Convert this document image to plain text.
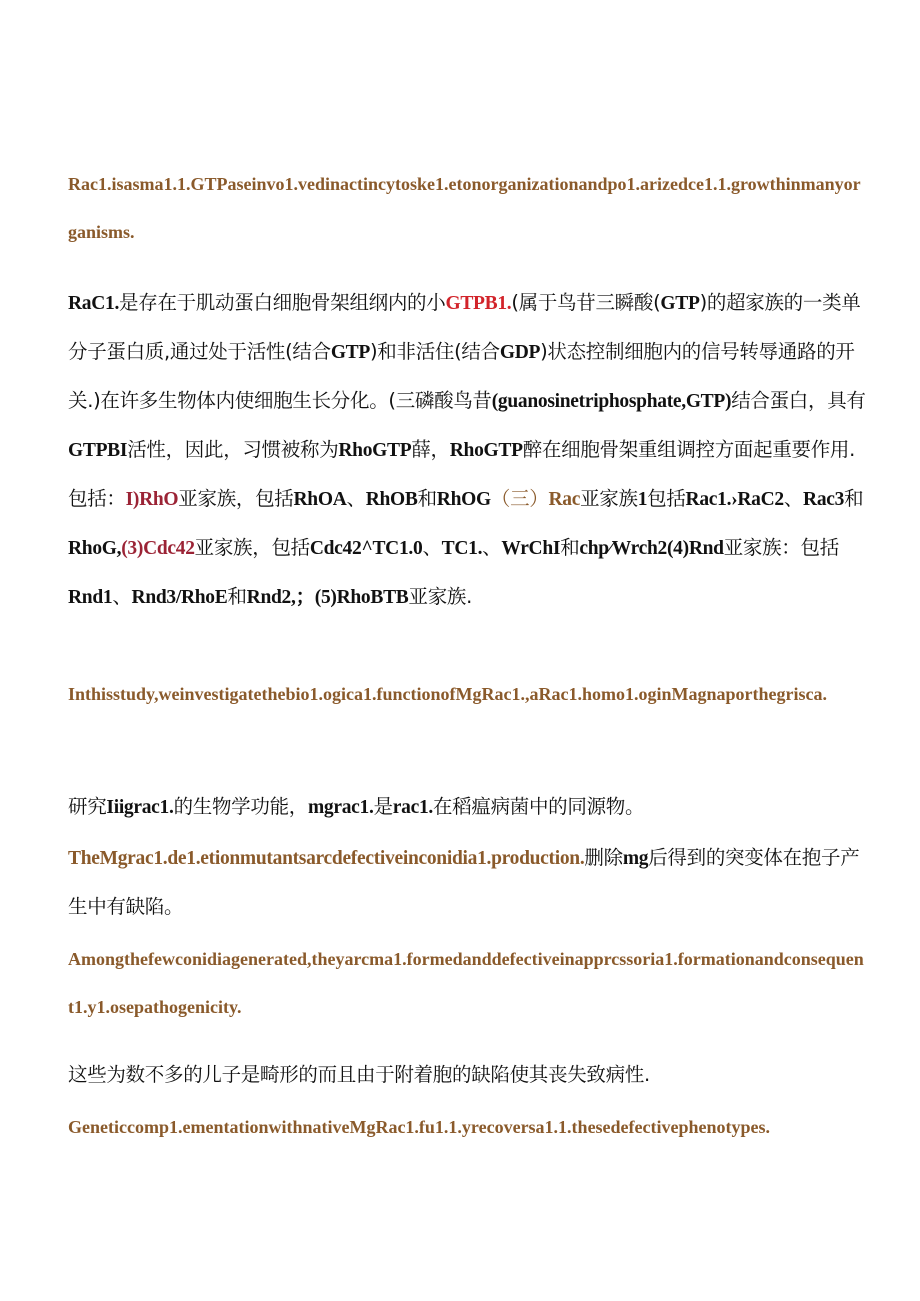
Rac1.isasma1.1.GTPaseinvo1.vedinactincytoske1.etonorganizationandpo1.arizedce1.1.growthinmanyorganisms.
RaC1.是存在于肌动蛋白细胞骨架组纲内的小GTPB1.(属于鸟苷三瞬酸(GTP)的超家族的一类单分子蛋白质,通过处于活性(结合GTP)和非活住(结合GDP)状态控制细胞内的信号转辱通路的开关.)在许多生物体内使细胞生长分化。(三磷酸鸟昔(guanosinetriphosphate,GTP)结合蛋白，具有GTPBI活性，因此，习惯被称为RhoGTP薛，RhoGTP醉在细胞骨架重组调控方面起重要作用.包括：I)RhO亚家族，包括RhOA、RhOB和RhOG（三）Rac亚家族1包括Rac1.›RaC2、Rac3和RhoG,(3)Cdc42亚家族，包括Cdc42^TC1.0、TC1.、WrChI和chp∕Wrch2(4)Rnd亚家族：包括Rnd1、Rnd3/RhoE和Rnd2,；(5)RhoBTB亚家族.
Inthisstudy,weinvestigatethebio1.ogica1.functionofMgRac1.,aRac1.homo1.oginMagnaporthegrisca.
研究Iiigrac1.的生物学功能，mgrac1.是rac1.在稻瘟病菌中的同源物。
TheMgrac1.de1.etionmutantsarcdefectiveinconidia1.production.删除mg后得到的突变体在抱子产生中有缺陷。
Amongthefewconidiagenerated,theyarcma1.formedanddefectiveinapprcssoria1.formationandconsequent1.y1.osepathogenicity.
这些为数不多的儿子是畸形的而且由于附着胞的缺陷使其丧失致病性.
Geneticcomp1.ementationwithnativeMgRac1.fu1.1.yrecoversa1.1.thesedefectivephenotypes.
